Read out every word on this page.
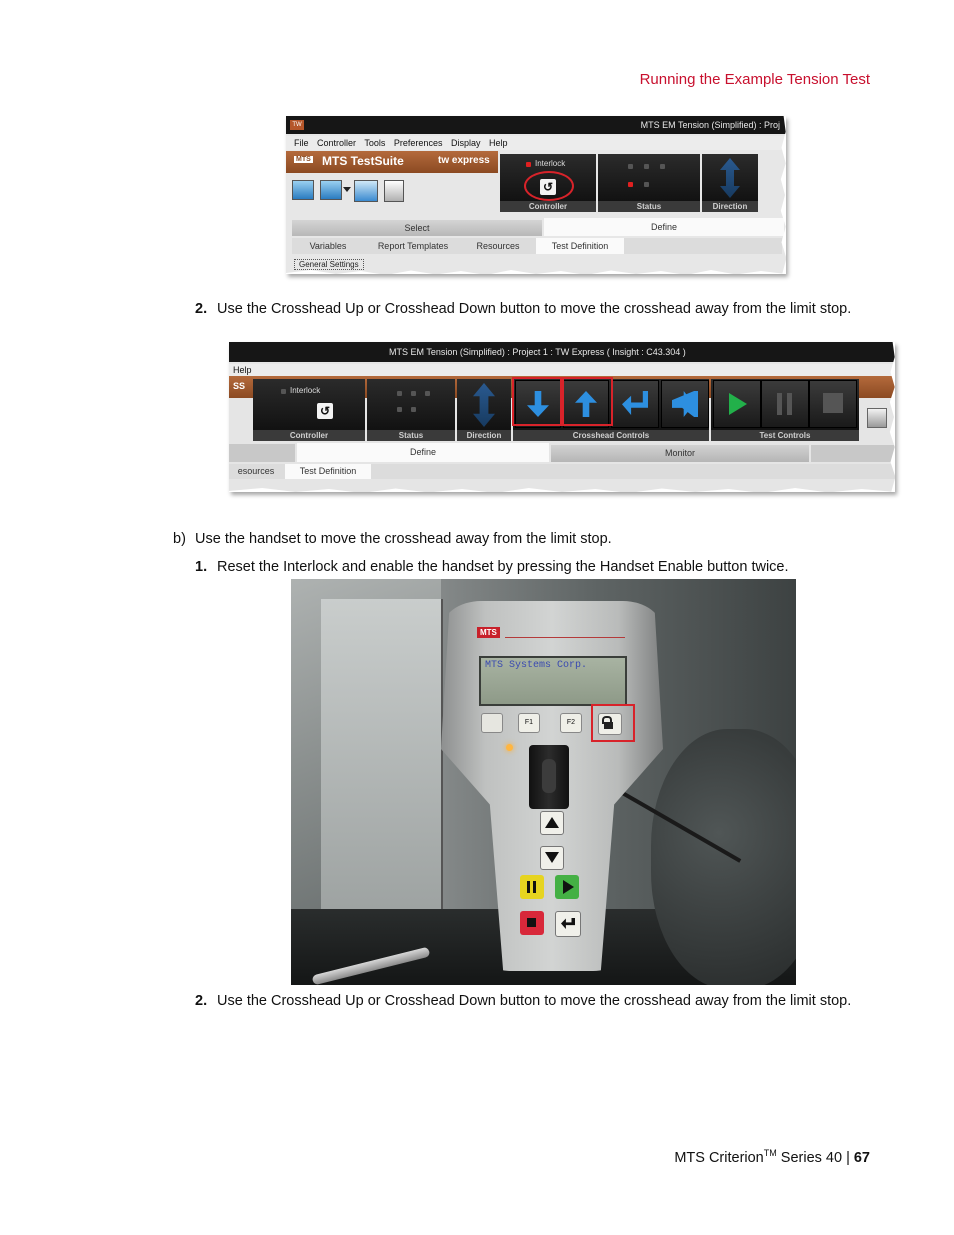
Running the Example Tension Test
TW	MTS EM Tension (Simplified) : Proj
File Controller Tools Preferences Display Help
MTS MTS TestSuite	tw express	Interlock
↺
Controller	Status	Direction
Select	Define
Variables	Report Templates	Resources	Test Definition
General Settings
2. Use the Crosshead Up or Crosshead Down button to move the crosshead away from the limit stop.
MTS EM Tension (Simplified) : Project 1 : TW Express ( Insight : C43.304 )
Help
SS	Interlock
↺
Controller	Status	Direction	Crosshead Controls	Test Controls
Define	Monitor
esources	Test Definition
b) Use the handset to move the crosshead away from the limit stop.
1. Reset the Interlock and enable the handset by pressing the Handset Enable button twice.
MTS
MTS Systems Corp.
F1	F2
2. Use the Crosshead Up or Crosshead Down button to move the crosshead away from the limit stop.
MTS Criterion™ Series 40 | 67
